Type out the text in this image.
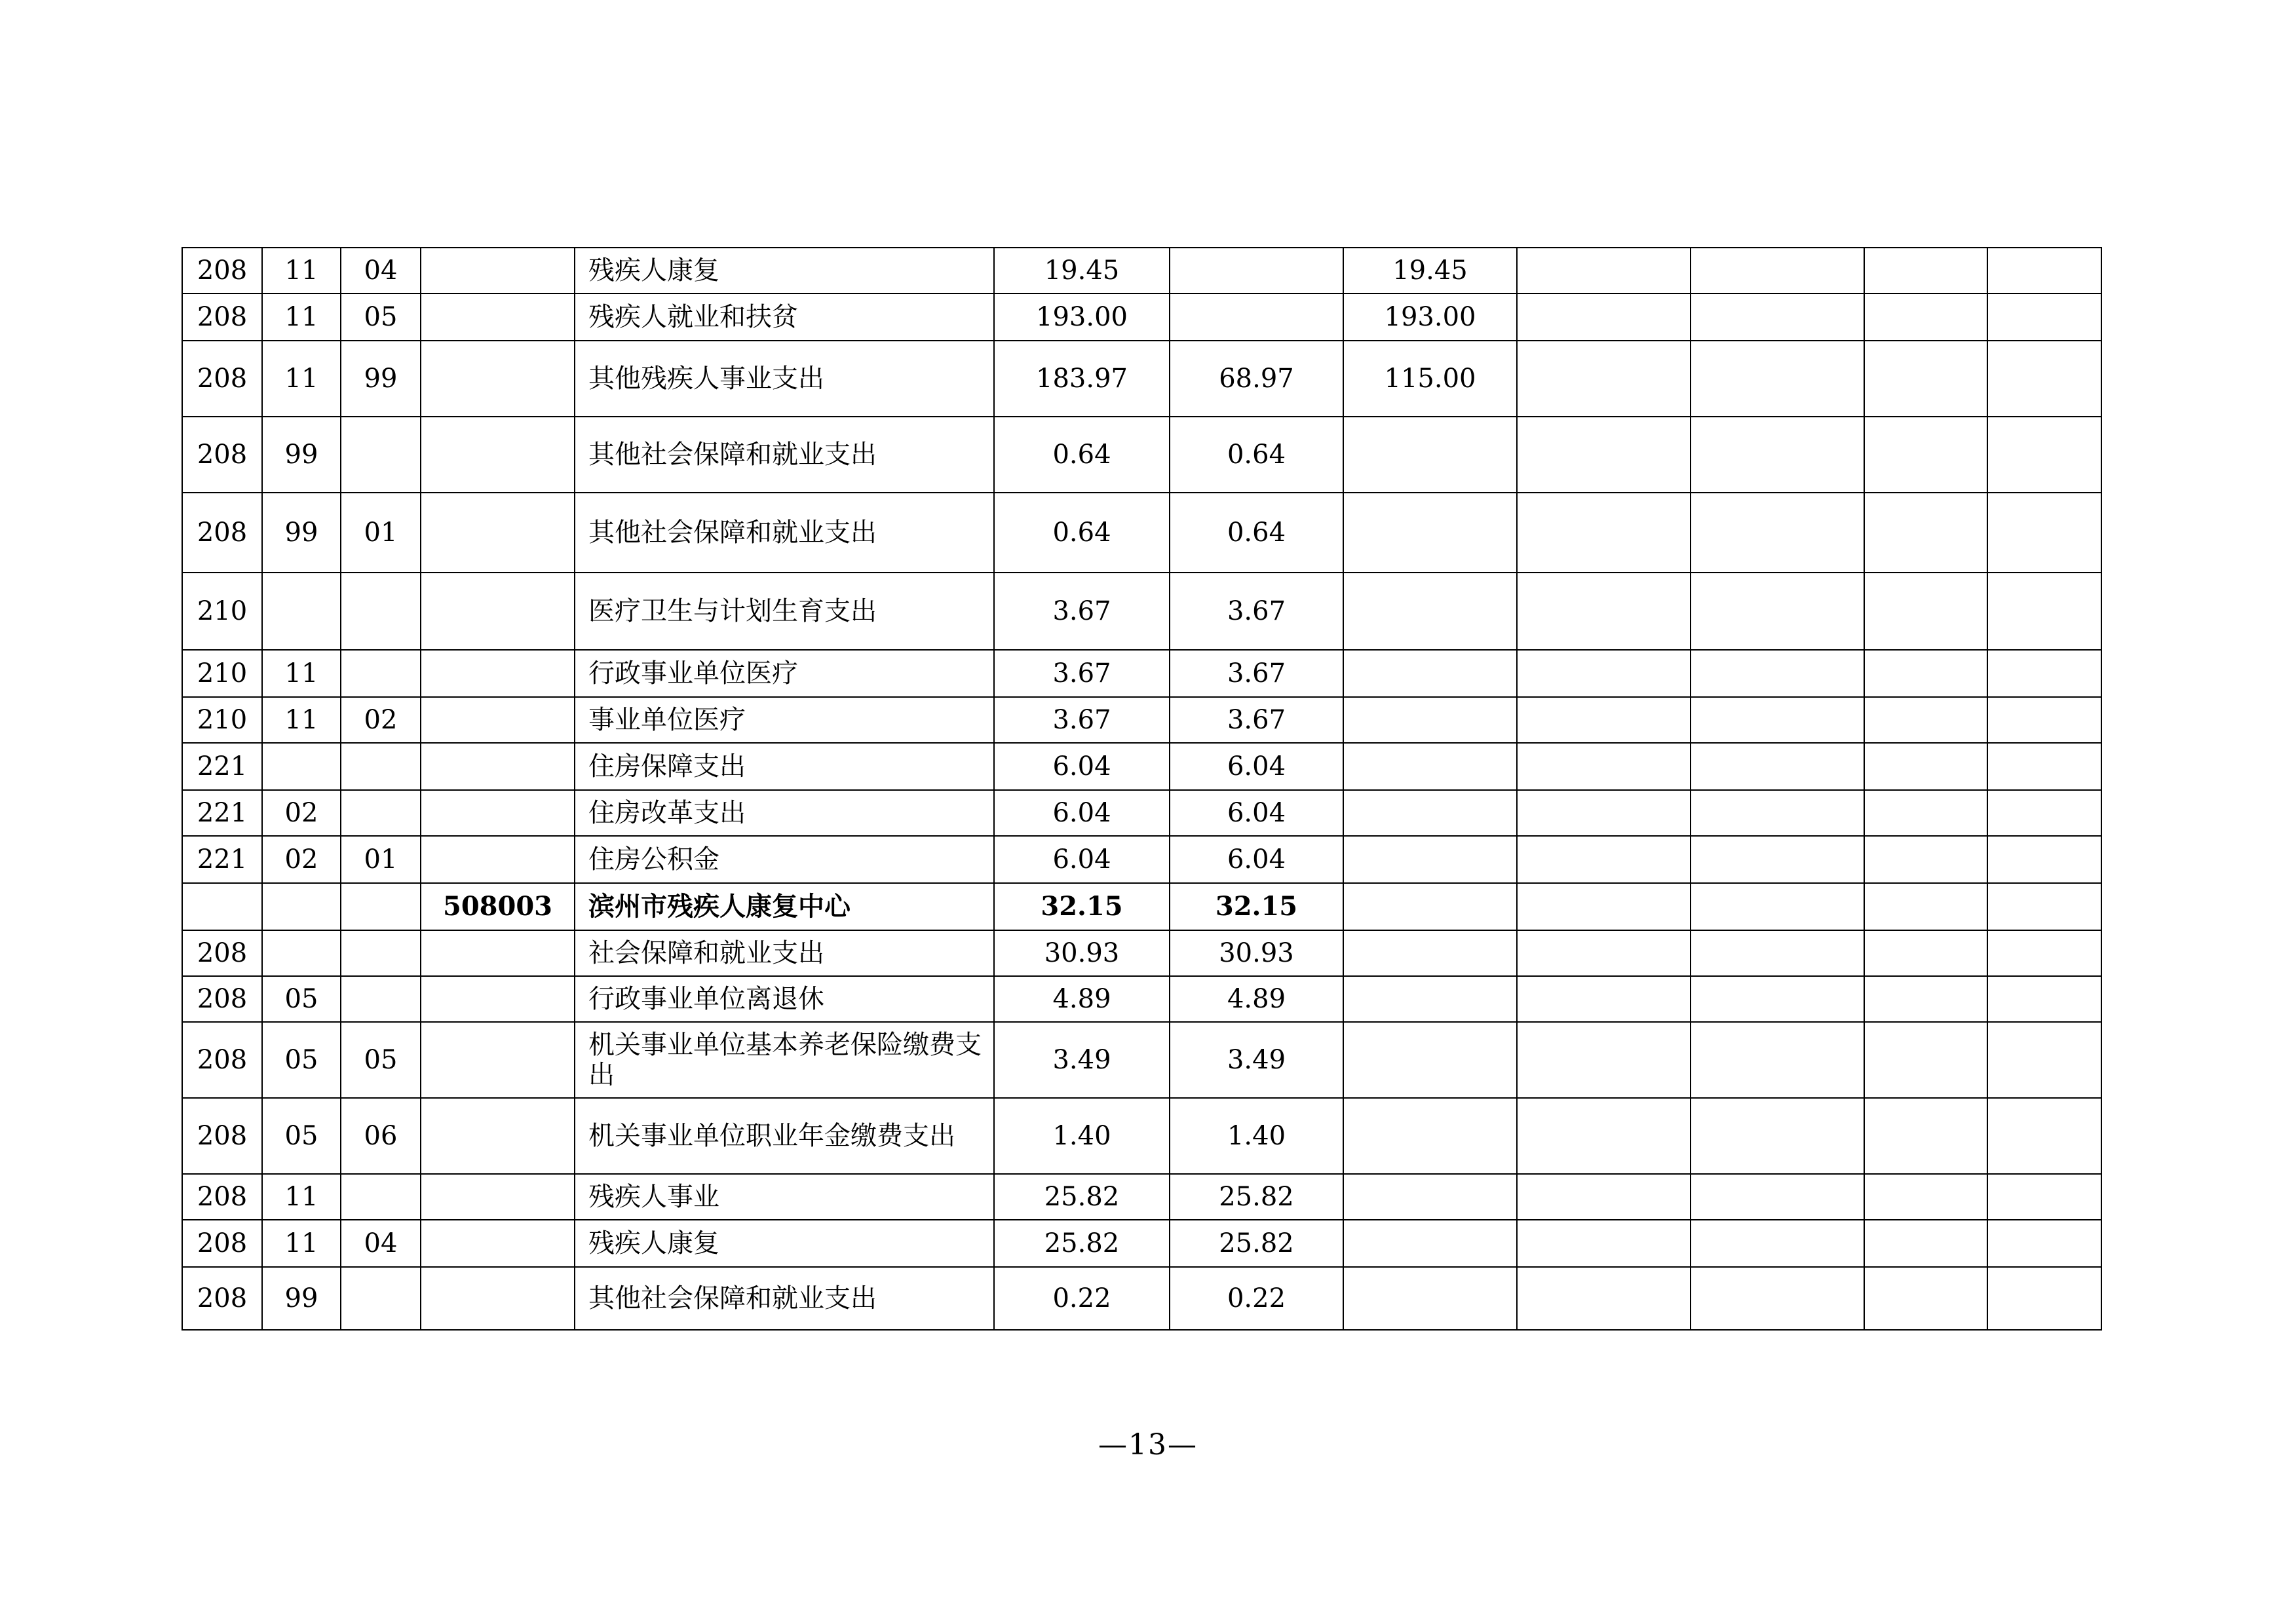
208	11	04		残疾人康复	19.45		19.45				
208	11	05		残疾人就业和扶贫	193.00		193.00				
208	11	99		其他残疾人事业支出	183.97	68.97	115.00				
208	99			其他社会保障和就业支出	0.64	0.64					
208	99	01		其他社会保障和就业支出	0.64	0.64					
210				医疗卫生与计划生育支出	3.67	3.67					
210	11			行政事业单位医疗	3.67	3.67					
210	11	02		事业单位医疗	3.67	3.67					
221				住房保障支出	6.04	6.04					
221	02			住房改革支出	6.04	6.04					
221	02	01		住房公积金	6.04	6.04					
			508003	滨州市残疾人康复中心	32.15	32.15					
208				社会保障和就业支出	30.93	30.93					
208	05			行政事业单位离退休	4.89	4.89					
208	05	05		机关事业单位基本养老保险缴费支出	3.49	3.49					
208	05	06		机关事业单位职业年金缴费支出	1.40	1.40					
208	11			残疾人事业	25.82	25.82					
208	11	04		残疾人康复	25.82	25.82					
208	99			其他社会保障和就业支出	0.22	0.22					
—13—
